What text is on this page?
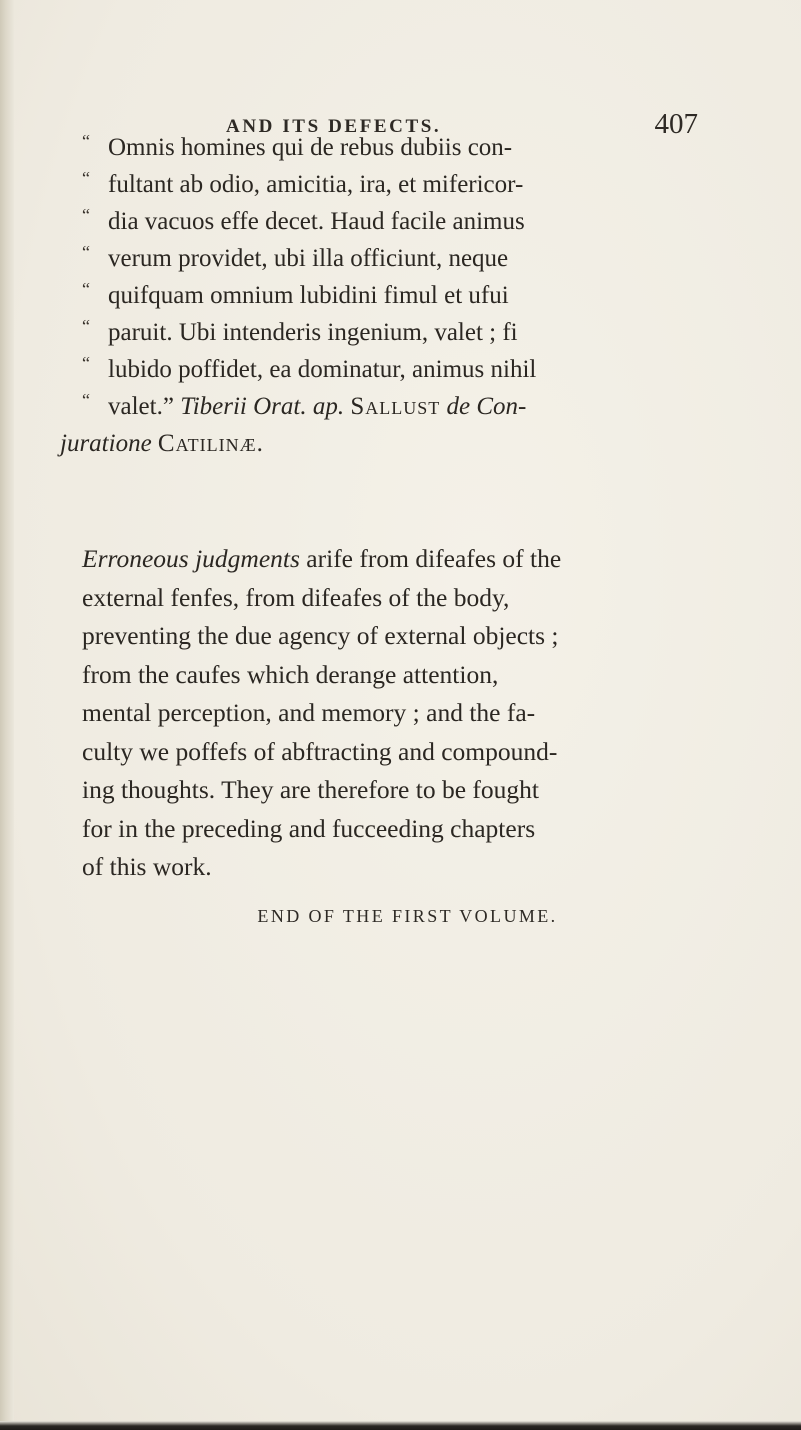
AND ITS DEFECTS.	407
“ Omnis homines qui de rebus dubiis con-
“ fultant ab odio, amicitia, ira, et mifericor-
“ dia vacuos effe decet. Haud facile animus
“ verum providet, ubi illa officiunt, neque
“ quifquam omnium lubidini fimul et ufui
“ paruit. Ubi intenderis ingenium, valet ; fi
“ lubido poffidet, ea dominatur, animus nihil
“ valet.” Tiberii Orat. ap. Sallust de Con-
juratione Catilinæ.
Erroneous judgments arife from difeafes of the
external fenfes, from difeafes of the body,
preventing the due agency of external objects ;
from the caufes which derange attention,
mental perception, and memory ; and the fa-
culty we poffefs of abftracting and compound-
ing thoughts. They are therefore to be fought
for in the preceding and fucceeding chapters
of this work.
END OF THE FIRST VOLUME.
